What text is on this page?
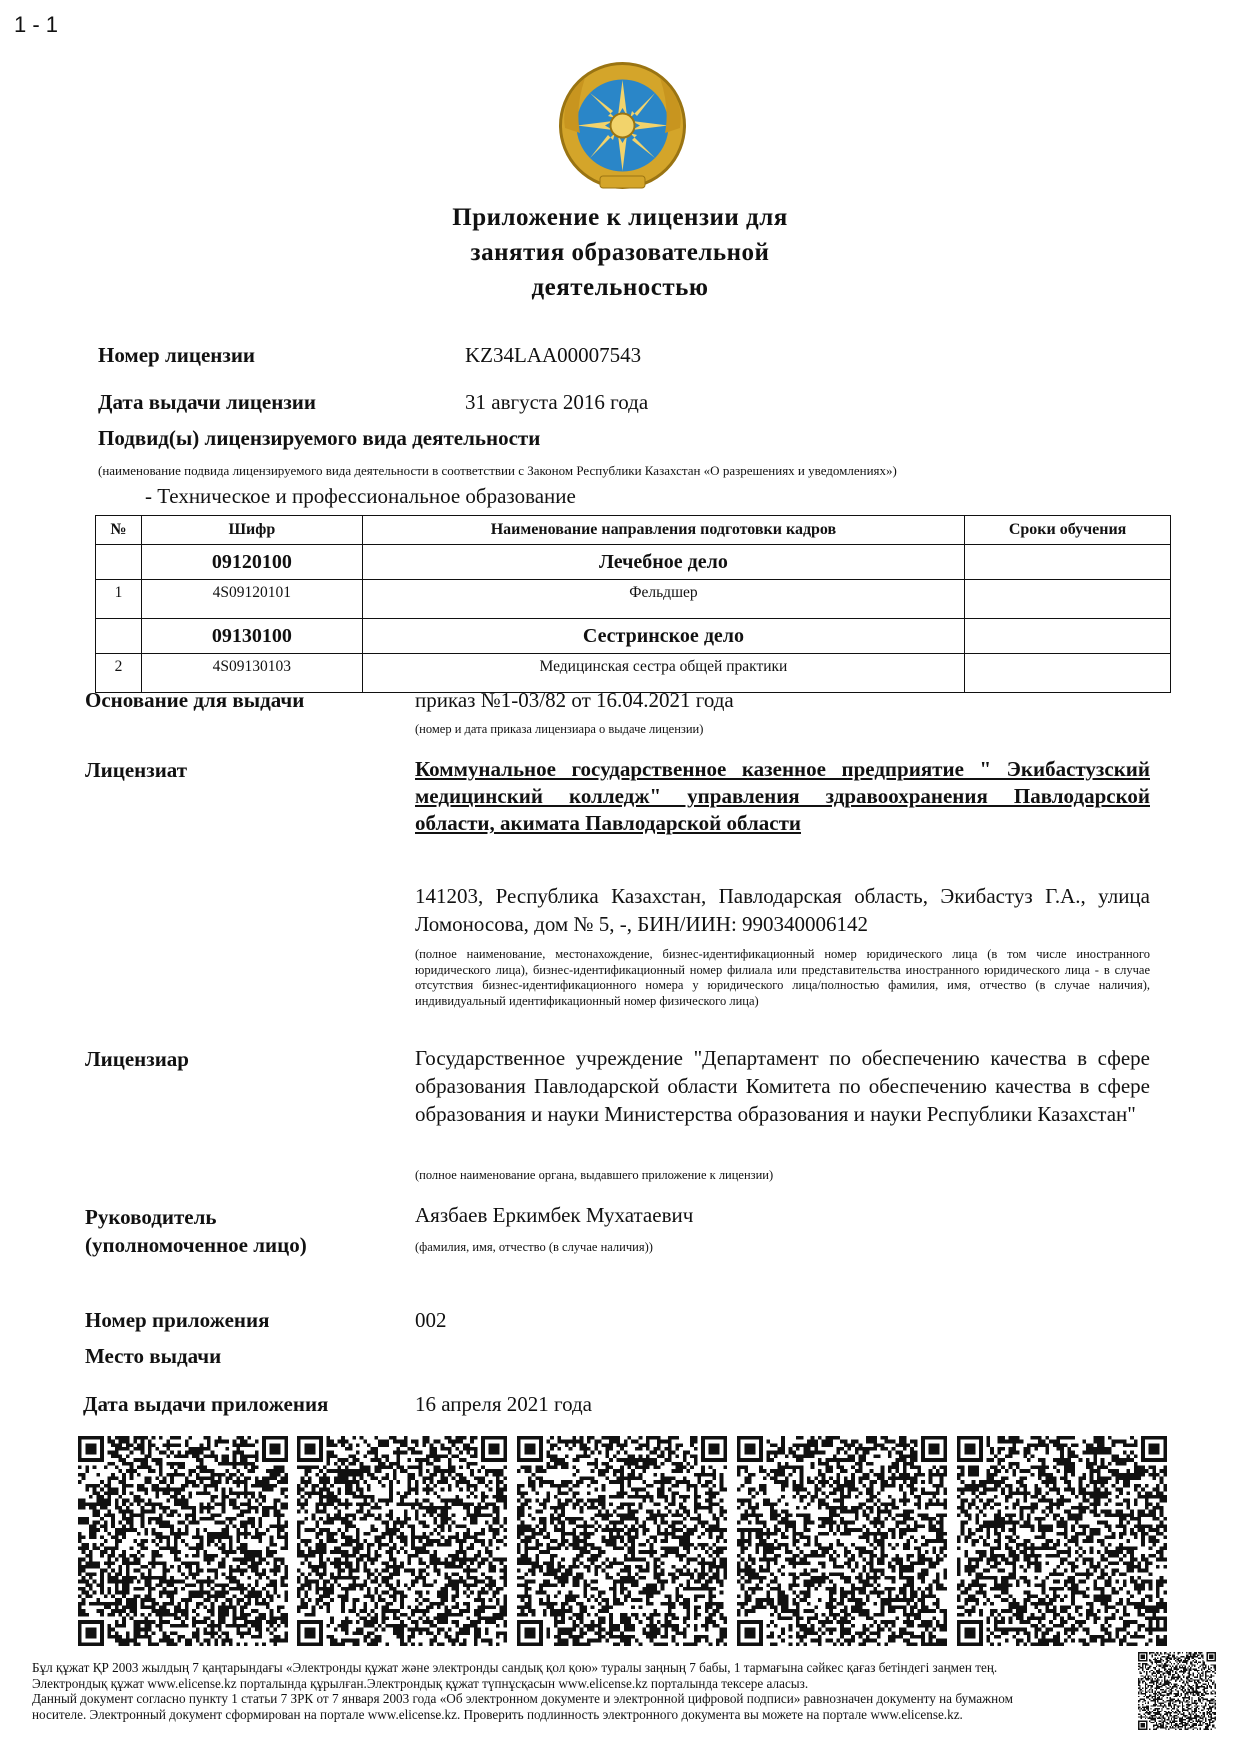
1 - 1
Приложение к лицензии для
занятия образовательной
деятельностью
Номер лицензии	KZ34LAA00007543
Дата выдачи лицензии	31 августа 2016 года
Подвид(ы) лицензируемого вида деятельности
(наименование подвида лицензируемого вида деятельности в соответствии с Законом Республики Казахстан «О разрешениях и уведомлениях»)
- Техническое и профессиональное образование
№	Шифр	Наименование направления подготовки кадров	Сроки обучения
	09120100	Лечебное дело	
1	4S09120101	Фельдшер	
	09130100	Сестринское дело	
2	4S09130103	Медицинская сестра общей практики	
Основание для выдачи	приказ №1-03/82 от 16.04.2021 года
(номер и дата приказа лицензиара о выдаче лицензии)
Лицензиат	Коммунальное государственное казенное предприятие " Экибастузский медицинский колледж" управления здравоохранения Павлодарской области, акимата Павлодарской области
141203, Республика Казахстан, Павлодарская область, Экибастуз Г.А., улица Ломоносова, дом № 5, -, БИН/ИИН: 990340006142
(полное наименование, местонахождение, бизнес-идентификационный номер юридического лица (в том числе иностранного юридического лица), бизнес-идентификационный номер филиала или представительства иностранного юридического лица - в случае отсутствия бизнес-идентификационного номера у юридического лица/полностью фамилия, имя, отчество (в случае наличия), индивидуальный идентификационный номер физического лица)
Лицензиар	Государственное учреждение "Департамент по обеспечению качества в сфере образования Павлодарской области Комитета по обеспечению качества в сфере образования и науки Министерства образования и науки Республики Казахстан"
(полное наименование органа, выдавшего приложение к лицензии)
Руководитель
(уполномоченное лицо)
Аязбаев Еркимбек Мухатаевич
(фамилия, имя, отчество (в случае наличия))
Номер приложения	002
Место выдачи
Дата выдачи приложения	16 апреля 2021 года
Бұл құжат ҚР 2003 жылдың 7 қаңтарындағы «Электронды құжат және электронды сандық қол қою» туралы заңның 7 бабы, 1 тармағына сәйкес қағаз бетіндегі заңмен тең.
Электрондық құжат www.elicense.kz порталында құрылған.Электрондық құжат түпнұсқасын www.elicense.kz порталында тексере аласыз.
Данный документ согласно пункту 1 статьи 7 ЗРК от 7 января 2003 года «Об электронном документе и электронной цифровой подписи» равнозначен документу на бумажном
носителе. Электронный документ сформирован на портале www.elicense.kz. Проверить подлинность электронного документа вы можете на портале www.elicense.kz.
